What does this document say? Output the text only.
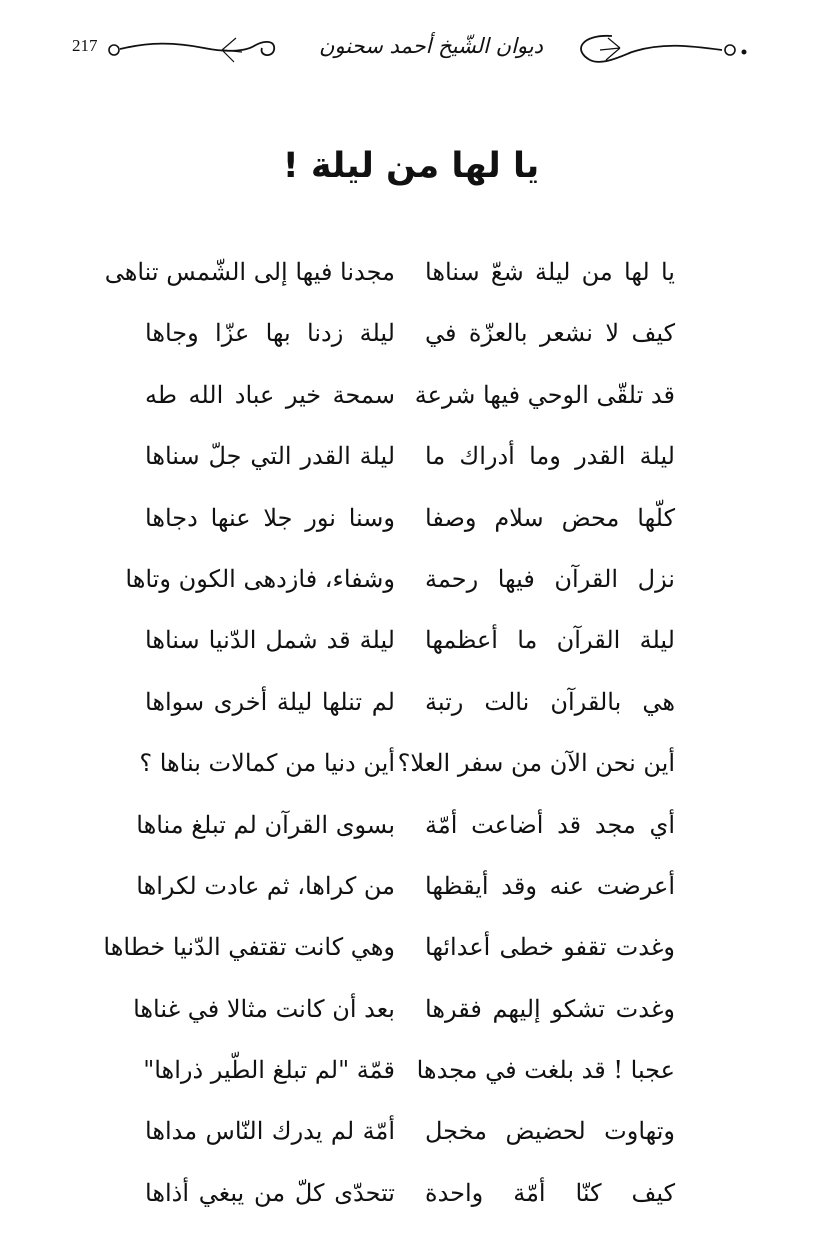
217	ديوان الشّيخ أحمد سحنون
يا لها من ليلة !
يا لها من ليلة شعّ سناها
مجدنا فيها إلى الشّمس تناهى
كيف لا نشعر بالعزّة في
ليلة زدنا بها عزّا وجاها
قد تلقّى الوحي فيها شرعة
سمحة خير عباد الله طه
ليلة القدر وما أدراك ما
ليلة القدر التي جلّ سناها
كلّها محض سلام وصفا
وسنا نور جلا عنها دجاها
نزل القرآن فيها رحمة
وشفاء، فازدهى الكون وتاها
ليلة القرآن ما أعظمها
ليلة قد شمل الدّنيا سناها
هي بالقرآن نالت رتبة
لم تنلها ليلة أخرى سواها
أين نحن الآن من سفر العلا؟
أين دنيا من كمالات بناها ؟
أي مجد قد أضاعت أمّة
بسوى القرآن لم تبلغ مناها
أعرضت عنه وقد أيقظها
من كراها، ثم عادت لكراها
وغدت تقفو خطى أعدائها
وهي كانت تقتفي الدّنيا خطاها
وغدت تشكو إليهم فقرها
بعد أن كانت مثالا في غناها
عجبا ! قد بلغت في مجدها
قمّة "لم تبلغ الطّير ذراها"
وتهاوت لحضيض مخجل
أمّة لم يدرك النّاس مداها
كيف كنّا أمّة واحدة
تتحدّى كلّ من يبغي أذاها
